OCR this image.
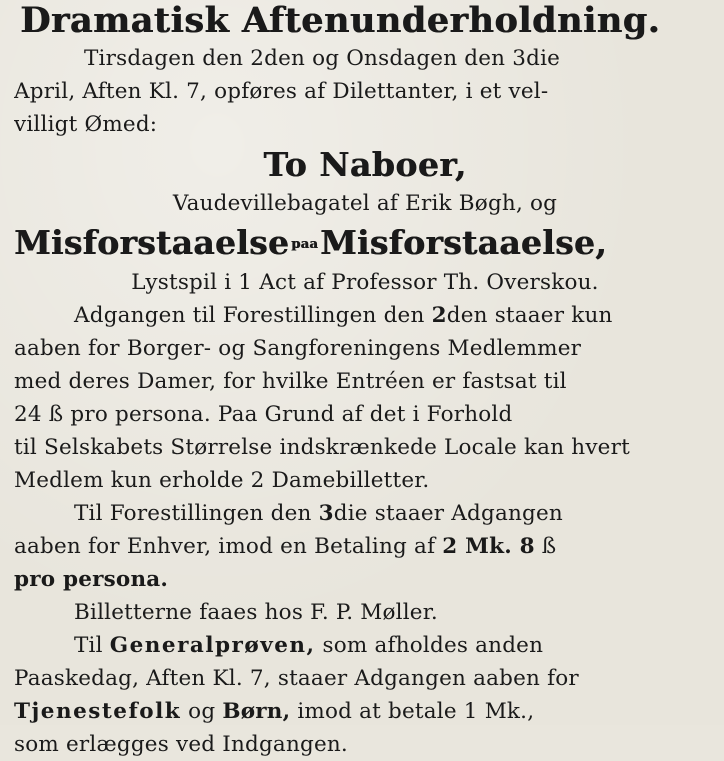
Dramatisk Aftenunderholdning.
Tirsdagen den 2den og Onsdagen den 3die
April, Aften Kl. 7, opføres af Dilettanter, i et vel-
villigt Ømed:
To Naboer,
Vaudevillebagatel af Erik Bøgh, og
Misforstaaelse paaMisforstaaelse,
Lystspil i 1 Act af Professor Th. Overskou.
Adgangen til Forestillingen den 2den staaer kun
aaben for Borger- og Sangforeningens Medlemmer
med deres Damer, for hvilke Entréen er fastsat til
24 ß pro persona. Paa Grund af det i Forhold
til Selskabets Størrelse indskrænkede Locale kan hvert
Medlem kun erholde 2 Damebilletter.
Til Forestillingen den 3die staaer Adgangen
aaben for Enhver, imod en Betaling af 2 Mk. 8 ß
pro persona.
Billetterne faaes hos F. P. Møller.
Til Generalprøven, som afholdes anden
Paaskedag, Aften Kl. 7, staaer Adgangen aaben for
Tjenestefolk og Børn, imod at betale 1 Mk.,
som erlægges ved Indgangen.
